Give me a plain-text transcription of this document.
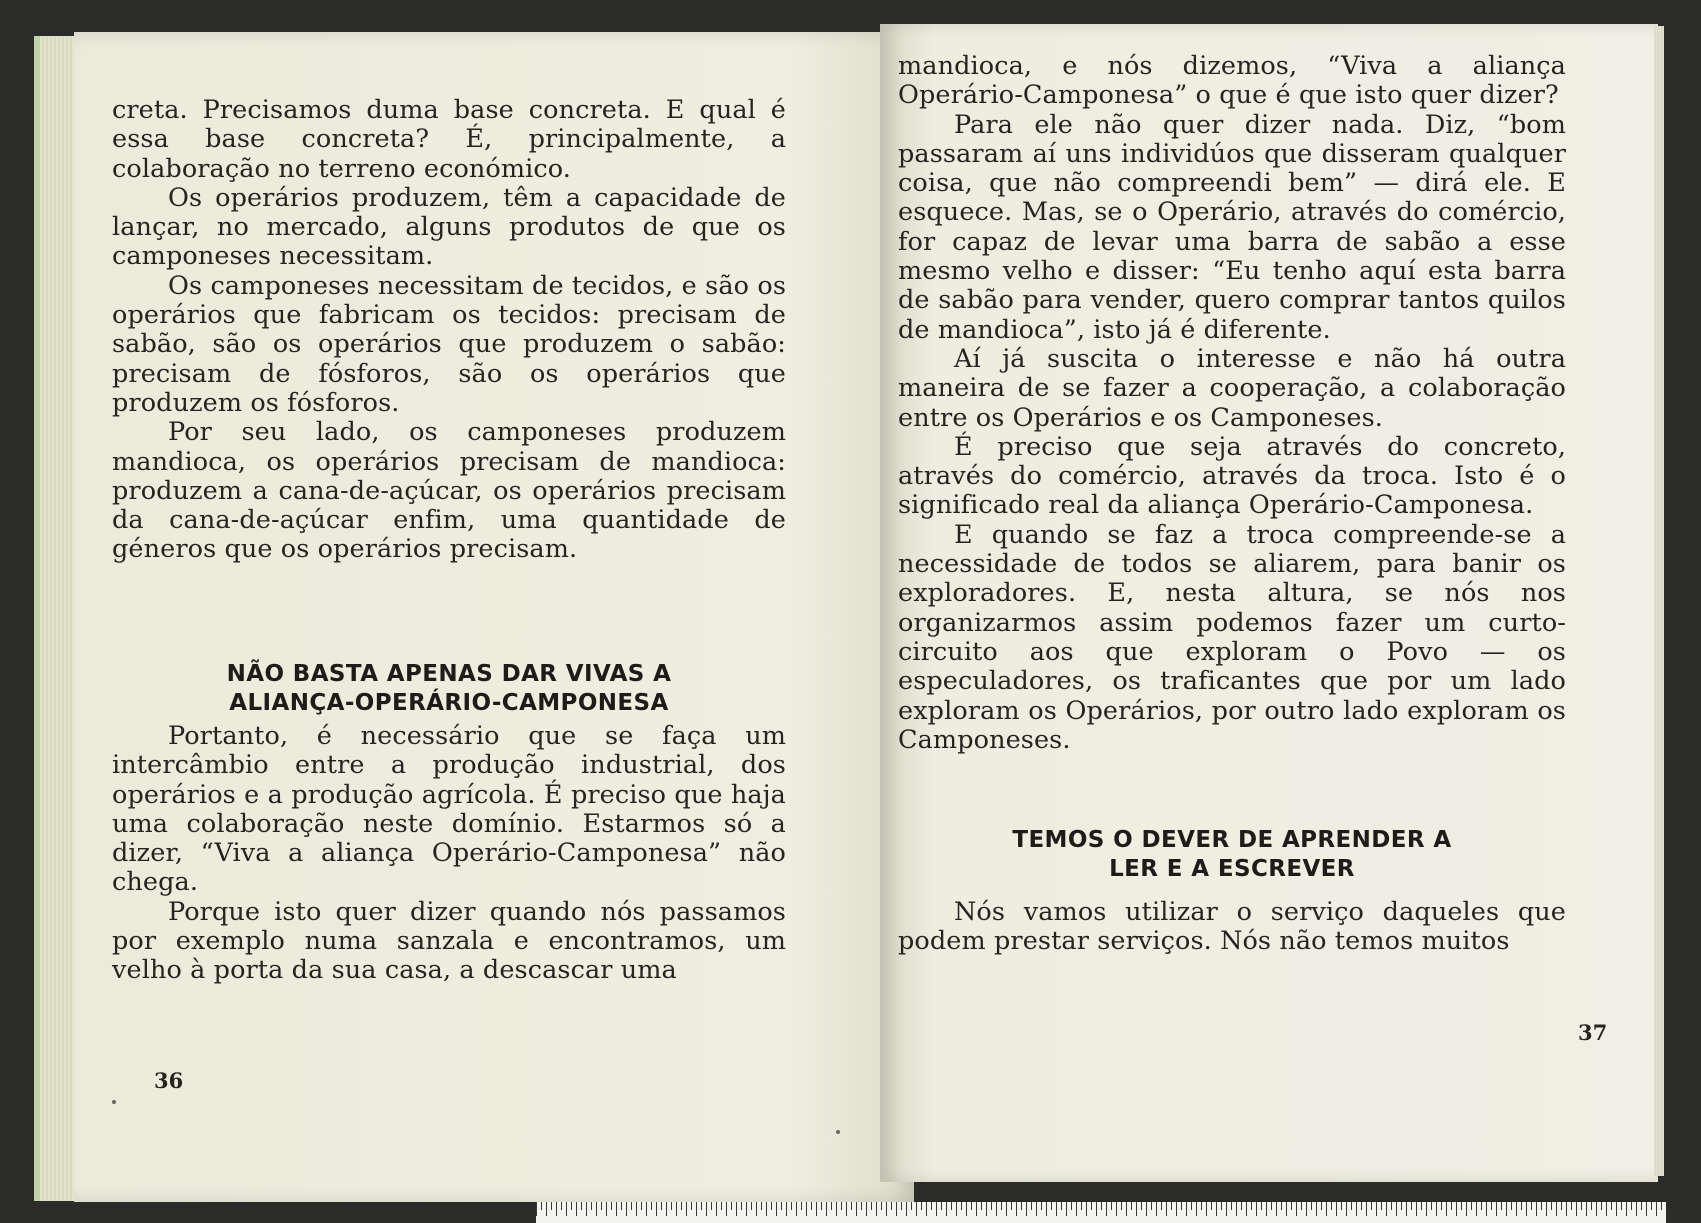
creta. Precisamos duma base concreta. E qual é essa base concreta? É, principalmente, a colaboração no terreno económico.

Os operários produzem, têm a capacidade de lançar, no mercado, alguns produtos de que os camponeses necessitam.

Os camponeses necessitam de tecidos, e são os operários que fabricam os tecidos: precisam de sabão, são os operários que produzem o sabão: precisam de fósforos, são os operários que produzem os fósforos.

Por seu lado, os camponeses produzem mandioca, os operários precisam de mandioca: produzem a cana-de-açúcar, os operários precisam da cana-de-açúcar enfim, uma quantidade de géneros que os operários precisam.

NÃO BASTA APENAS DAR VIVAS A
ALIANÇA-OPERÁRIO-CAMPONESA

Portanto, é necessário que se faça um intercâmbio entre a produção industrial, dos operários e a produção agrícola. É preciso que haja uma colaboração neste domínio. Estarmos só a dizer, “Viva a aliança Operário-Camponesa” não chega.

Porque isto quer dizer quando nós passamos por exemplo numa sanzala e encontramos, um velho à porta da sua casa, a descascar uma

36

mandioca, e nós dizemos, “Viva a aliança Operário-Camponesa” o que é que isto quer dizer?

Para ele não quer dizer nada. Diz, “bom passaram aí uns individúos que disseram qualquer coisa, que não compreendi bem” — dirá ele. E esquece. Mas, se o Operário, através do comércio, for capaz de levar uma barra de sabão a esse mesmo velho e disser: “Eu tenho aquí esta barra de sabão para vender, quero comprar tantos quilos de mandioca”, isto já é diferente.

Aí já suscita o interesse e não há outra maneira de se fazer a cooperação, a colaboração entre os Operários e os Camponeses.

É preciso que seja através do concreto, através do comércio, através da troca. Isto é o significado real da aliança Operário-Camponesa.

E quando se faz a troca compreende-se a necessidade de todos se aliarem, para banir os exploradores. E, nesta altura, se nós nos organizarmos assim podemos fazer um curto-circuito aos que exploram o Povo — os especuladores, os traficantes que por um lado exploram os Operários, por outro lado exploram os Camponeses.

TEMOS O DEVER DE APRENDER A
LER E A ESCREVER

Nós vamos utilizar o serviço daqueles que podem prestar serviços. Nós não temos muitos

37
